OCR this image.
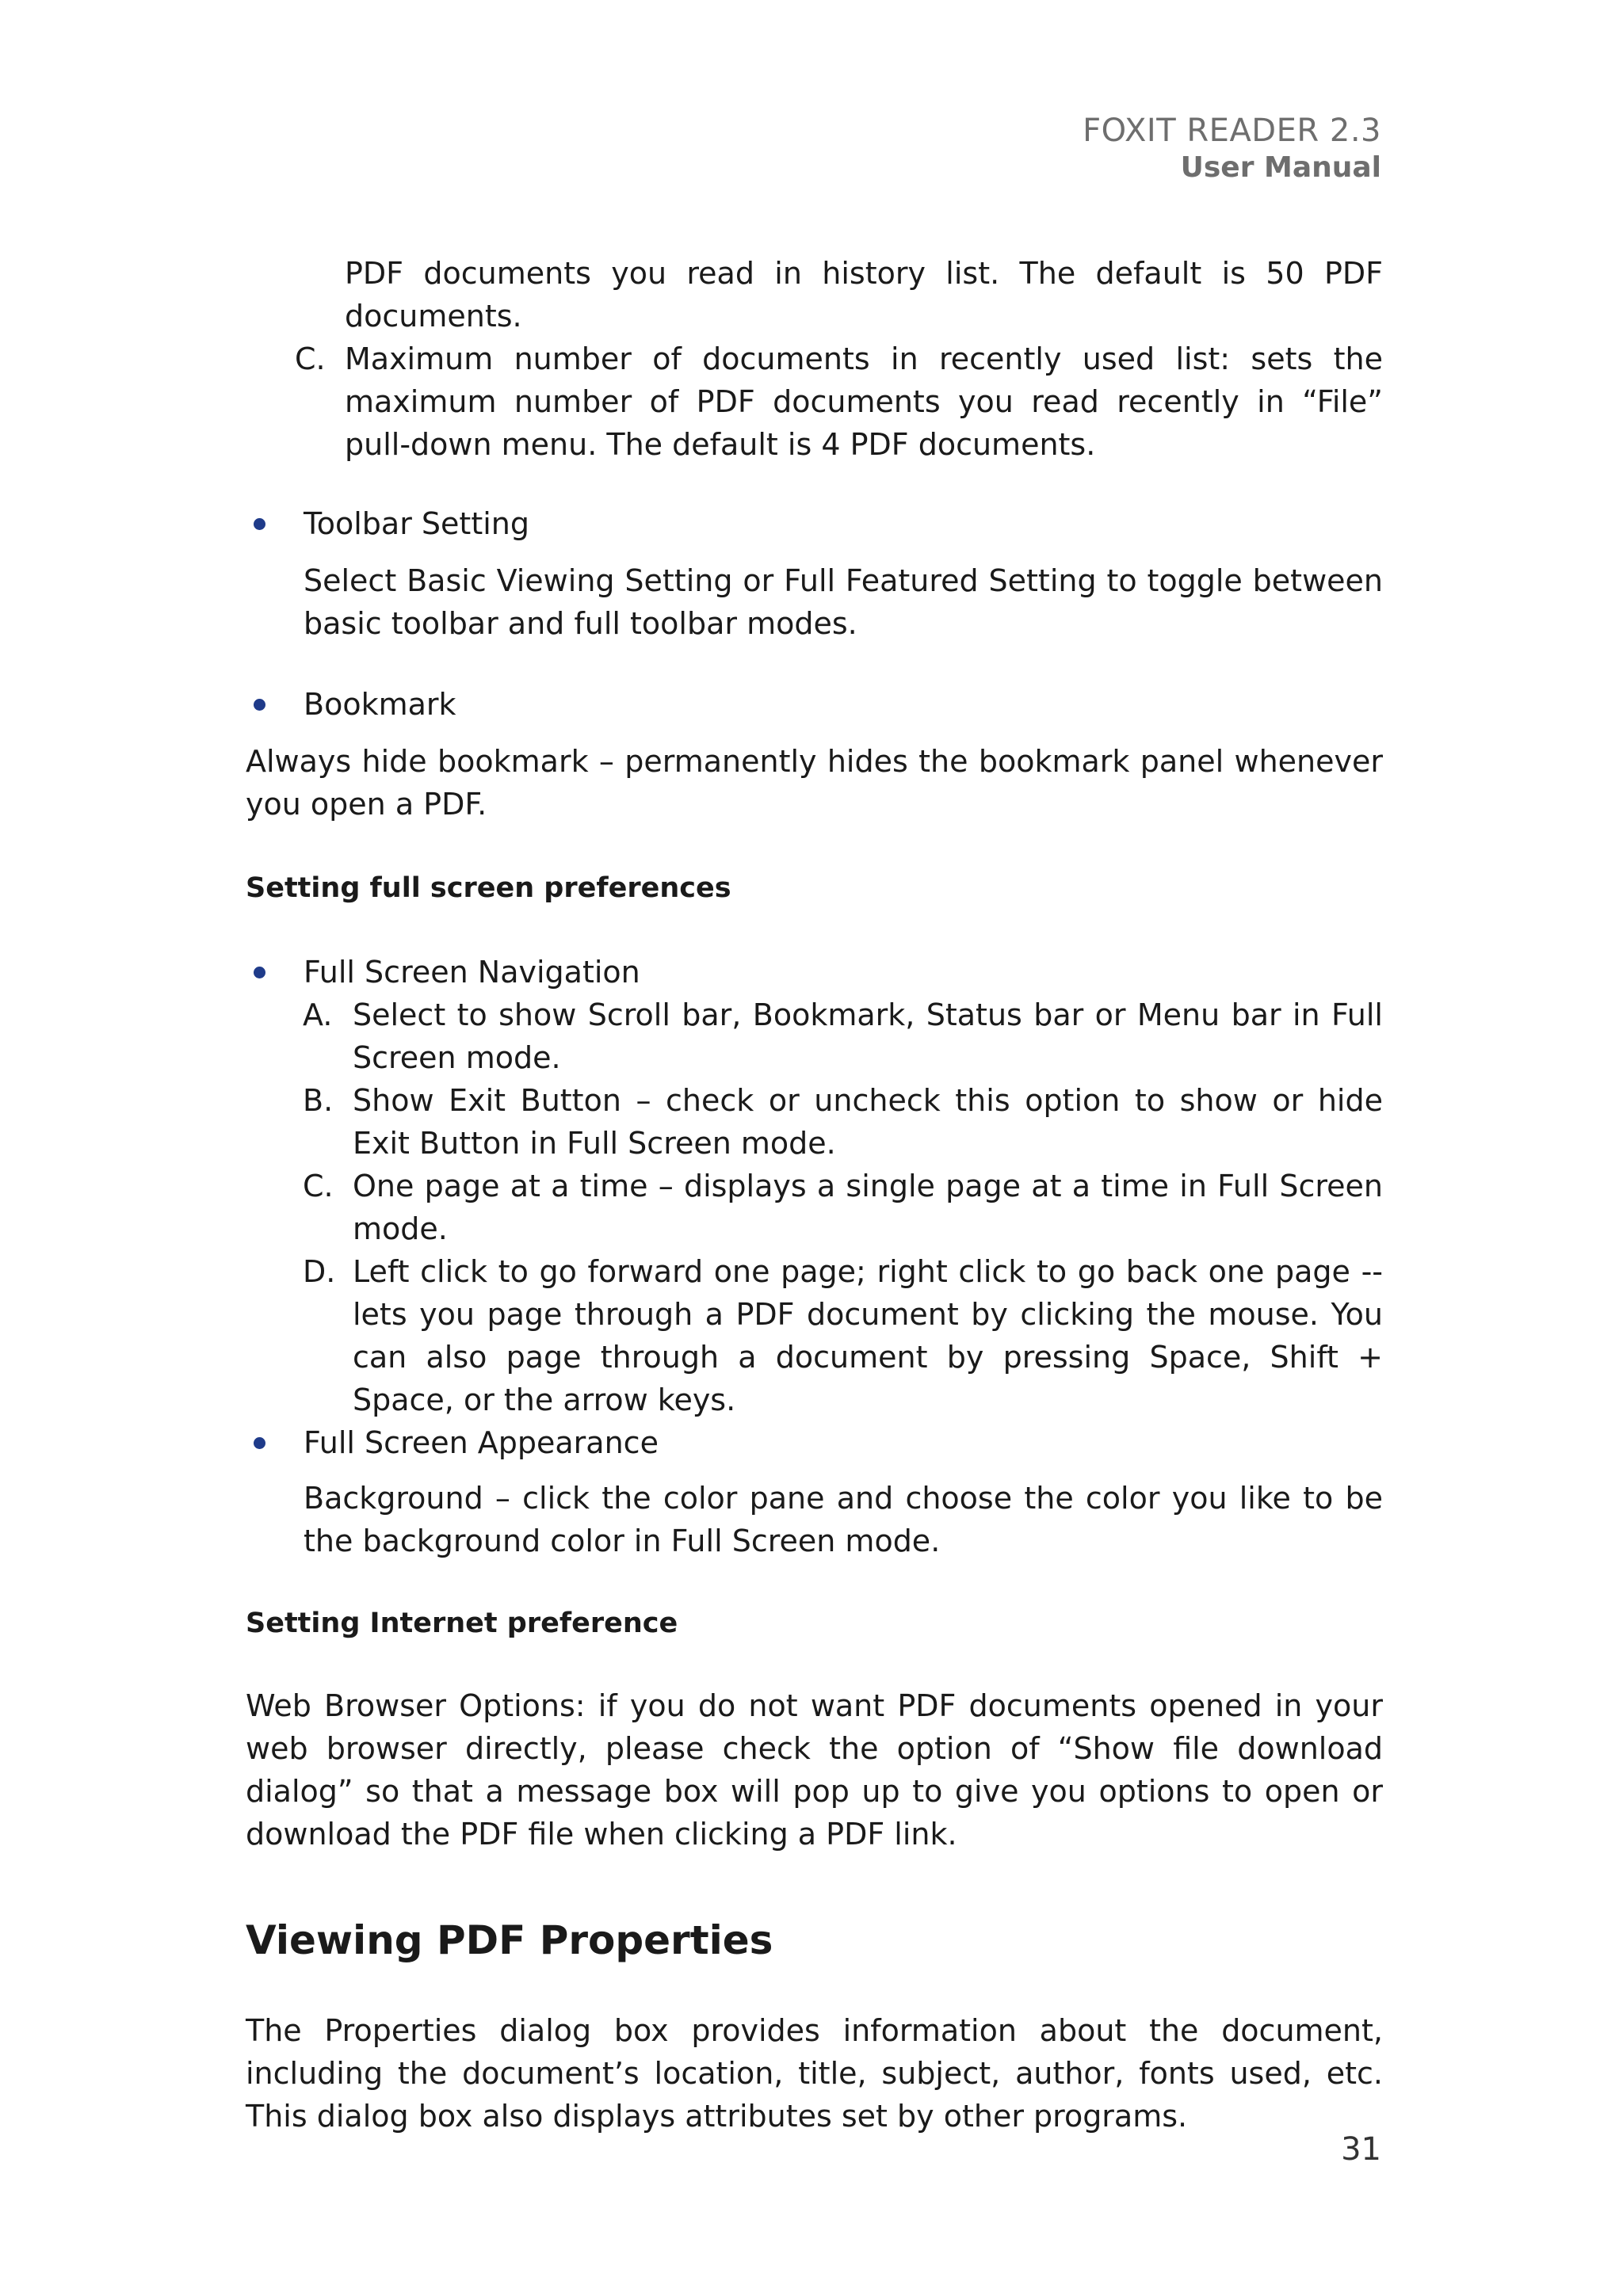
FOXIT READER 2.3
User Manual

PDF documents you read in history list. The default is 50 PDF documents.

C. Maximum number of documents in recently used list: sets the maximum number of PDF documents you read recently in “File” pull-down menu. The default is 4 PDF documents.

Toolbar Setting

Select Basic Viewing Setting or Full Featured Setting to toggle between basic toolbar and full toolbar modes.

Bookmark

Always hide bookmark – permanently hides the bookmark panel whenever you open a PDF.

Setting full screen preferences

Full Screen Navigation

A. Select to show Scroll bar, Bookmark, Status bar or Menu bar in Full Screen mode.

B. Show Exit Button – check or uncheck this option to show or hide Exit Button in Full Screen mode.

C. One page at a time – displays a single page at a time in Full Screen mode.

D. Left click to go forward one page; right click to go back one page -- lets you page through a PDF document by clicking the mouse. You can also page through a document by pressing Space, Shift + Space, or the arrow keys.

Full Screen Appearance

Background – click the color pane and choose the color you like to be the background color in Full Screen mode.

Setting Internet preference

Web Browser Options: if you do not want PDF documents opened in your web browser directly, please check the option of “Show file download dialog” so that a message box will pop up to give you options to open or download the PDF file when clicking a PDF link.

Viewing PDF Properties

The Properties dialog box provides information about the document, including the document’s location, title, subject, author, fonts used, etc. This dialog box also displays attributes set by other programs.

31
